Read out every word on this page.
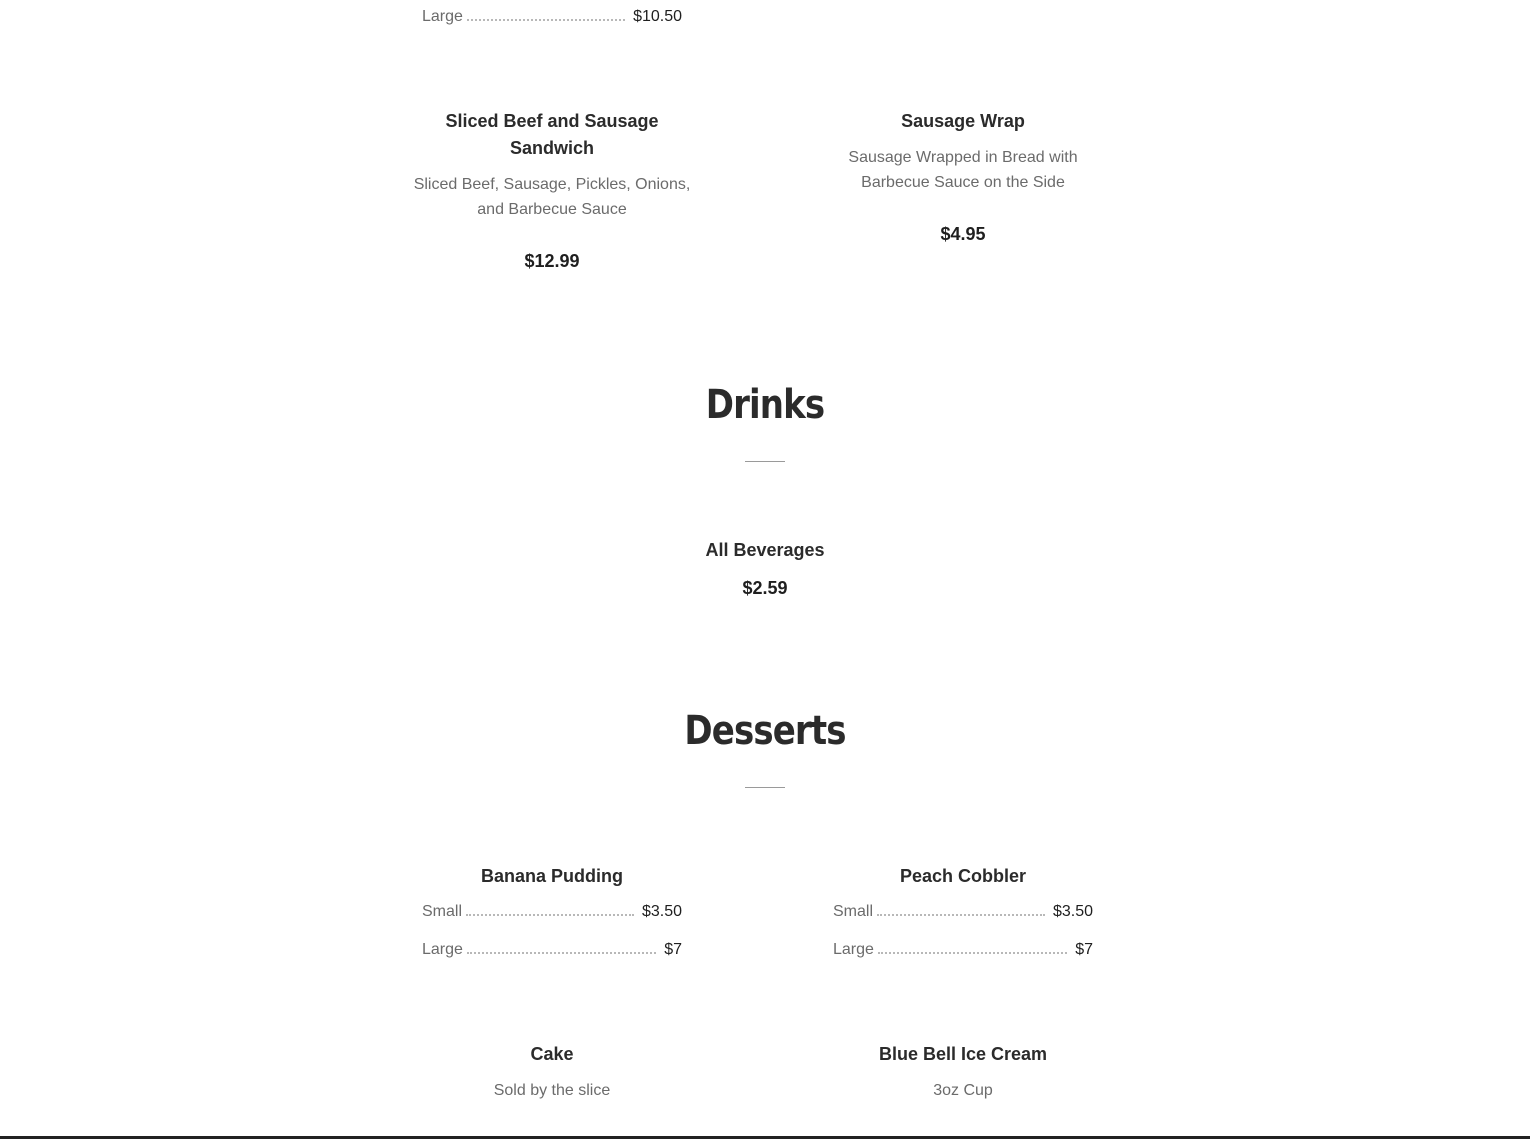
Large	$10.50

Sliced Beef and Sausage
Sandwich

Sliced Beef, Sausage, Pickles, Onions,
and Barbecue Sauce

$12.99

Sausage Wrap

Sausage Wrapped in Bread with
Barbecue Sauce on the Side

$4.95
Drinks

All Beverages

$2.59
Desserts

Banana Pudding

Small	$3.50
Large	$7

Peach Cobbler

Small	$3.50
Large	$7

Cake

Sold by the slice

Blue Bell Ice Cream

3oz Cup
